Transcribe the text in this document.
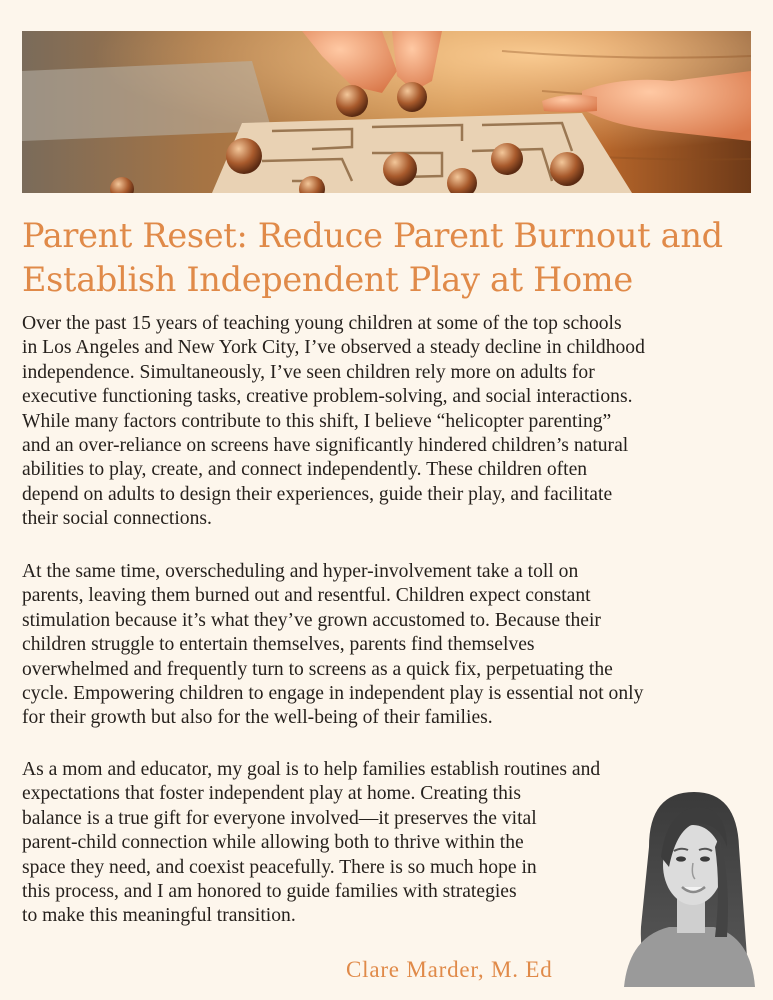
Parent Reset: Reduce Parent Burnout and
Establish Independent Play at Home

Over the past 15 years of teaching young children at some of the top schools
in Los Angeles and New York City, I’ve observed a steady decline in childhood
independence. Simultaneously, I’ve seen children rely more on adults for
executive functioning tasks, creative problem-solving, and social interactions.
While many factors contribute to this shift, I believe “helicopter parenting”
and an over-reliance on screens have significantly hindered children’s natural
abilities to play, create, and connect independently. These children often
depend on adults to design their experiences, guide their play, and facilitate
their social connections.

At the same time, overscheduling and hyper-involvement take a toll on
parents, leaving them burned out and resentful. Children expect constant
stimulation because it’s what they’ve grown accustomed to. Because their
children struggle to entertain themselves, parents find themselves
overwhelmed and frequently turn to screens as a quick fix, perpetuating the
cycle. Empowering children to engage in independent play is essential not only
for their growth but also for the well-being of their families.

As a mom and educator, my goal is to help families establish routines and
expectations that foster independent play at home. Creating this
balance is a true gift for everyone involved—it preserves the vital
parent-child connection while allowing both to thrive within the
space they need, and coexist peacefully. There is so much hope in
this process, and I am honored to guide families with strategies
to make this meaningful transition.

Clare Marder, M. Ed
